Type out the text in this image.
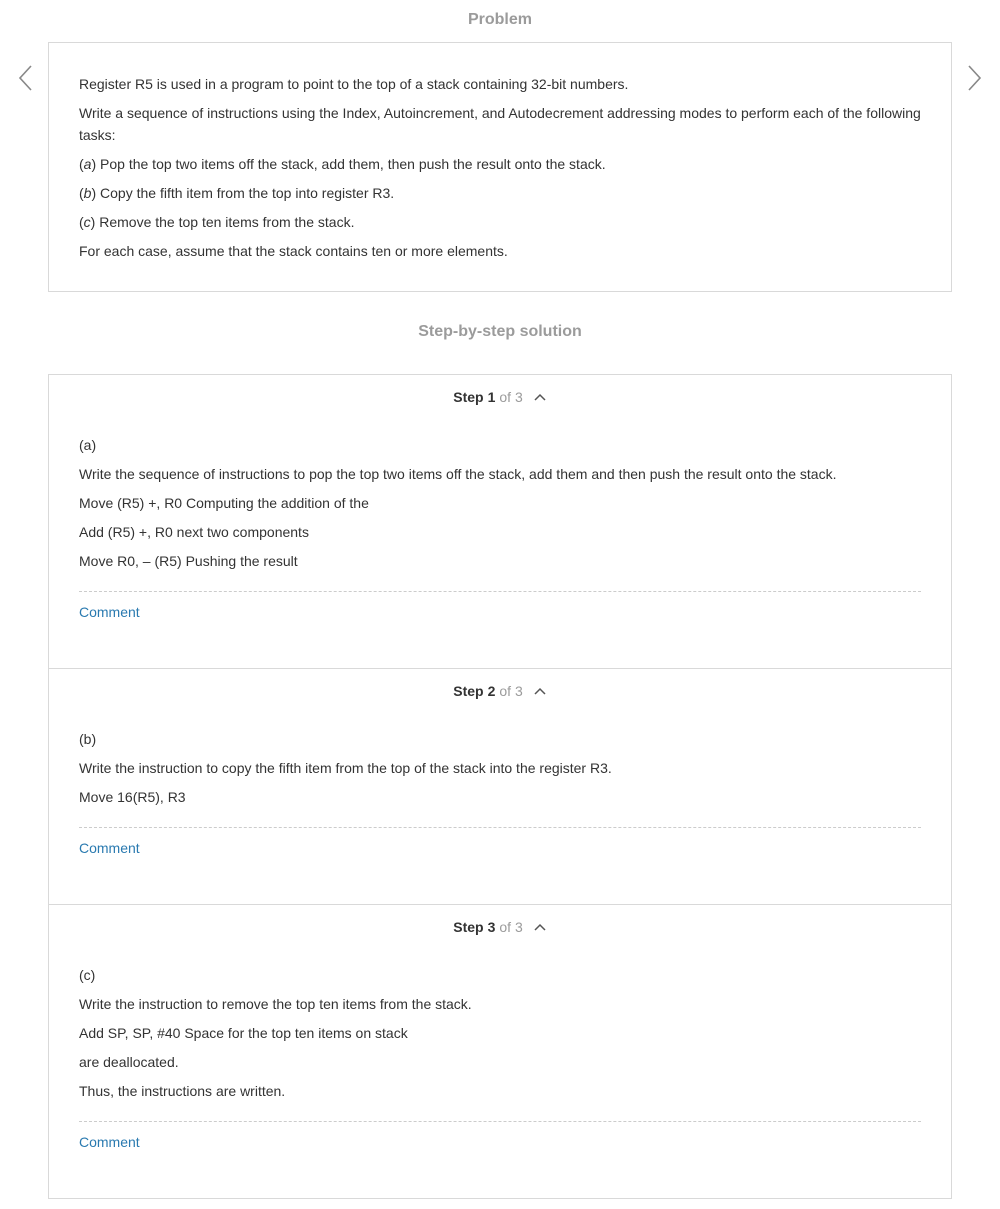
Problem

Register R5 is used in a program to point to the top of a stack containing 32-bit numbers.

Write a sequence of instructions using the Index, Autoincrement, and Autodecrement addressing modes to perform each of the following tasks:

(a) Pop the top two items off the stack, add them, then push the result onto the stack.

(b) Copy the fifth item from the top into register R3.

(c) Remove the top ten items from the stack.

For each case, assume that the stack contains ten or more elements.

Step-by-step solution
Step 1 of 3

(a)

Write the sequence of instructions to pop the top two items off the stack, add them and then push the result onto the stack.

Move (R5) +, R0 Computing the addition of the

Add (R5) +, R0 next two components

Move R0, – (R5) Pushing the result

Comment
Step 2 of 3

(b)

Write the instruction to copy the fifth item from the top of the stack into the register R3.

Move 16(R5), R3

Comment
Step 3 of 3

(c)

Write the instruction to remove the top ten items from the stack.

Add SP, SP, #40 Space for the top ten items on stack

are deallocated.

Thus, the instructions are written.

Comment
